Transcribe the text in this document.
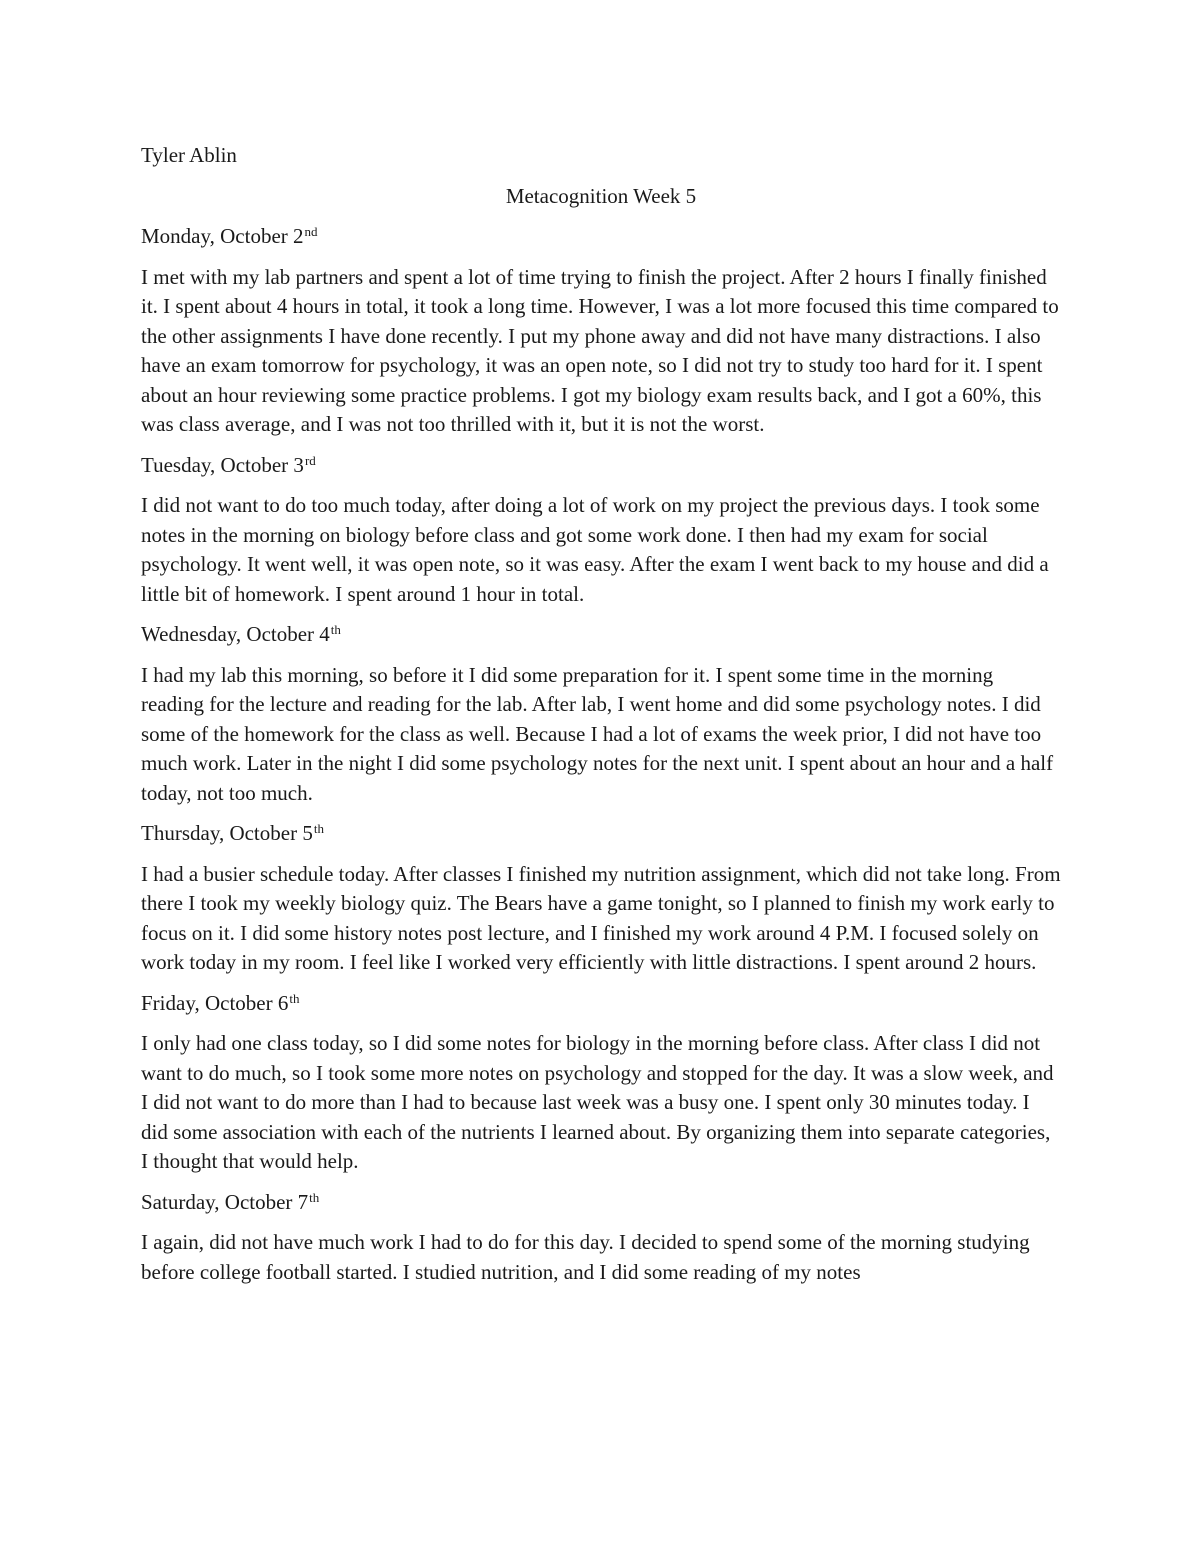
Tyler Ablin
Metacognition Week 5
Monday, October 2nd
I met with my lab partners and spent a lot of time trying to finish the project. After 2 hours I finally finished it. I spent about 4 hours in total, it took a long time. However, I was a lot more focused this time compared to the other assignments I have done recently. I put my phone away and did not have many distractions. I also have an exam tomorrow for psychology, it was an open note, so I did not try to study too hard for it. I spent about an hour reviewing some practice problems. I got my biology exam results back, and I got a 60%, this was class average, and I was not too thrilled with it, but it is not the worst.
Tuesday, October 3rd
I did not want to do too much today, after doing a lot of work on my project the previous days. I took some notes in the morning on biology before class and got some work done. I then had my exam for social psychology. It went well, it was open note, so it was easy. After the exam I went back to my house and did a little bit of homework. I spent around 1 hour in total.
Wednesday, October 4th
I had my lab this morning, so before it I did some preparation for it. I spent some time in the morning reading for the lecture and reading for the lab. After lab, I went home and did some psychology notes. I did some of the homework for the class as well. Because I had a lot of exams the week prior, I did not have too much work. Later in the night I did some psychology notes for the next unit. I spent about an hour and a half today, not too much.
Thursday, October 5th
I had a busier schedule today. After classes I finished my nutrition assignment, which did not take long. From there I took my weekly biology quiz. The Bears have a game tonight, so I planned to finish my work early to focus on it. I did some history notes post lecture, and I finished my work around 4 P.M. I focused solely on work today in my room. I feel like I worked very efficiently with little distractions. I spent around 2 hours.
Friday, October 6th
I only had one class today, so I did some notes for biology in the morning before class. After class I did not want to do much, so I took some more notes on psychology and stopped for the day. It was a slow week, and I did not want to do more than I had to because last week was a busy one. I spent only 30 minutes today. I did some association with each of the nutrients I learned about. By organizing them into separate categories, I thought that would help.
Saturday, October 7th
I again, did not have much work I had to do for this day. I decided to spend some of the morning studying before college football started. I studied nutrition, and I did some reading of my notes
